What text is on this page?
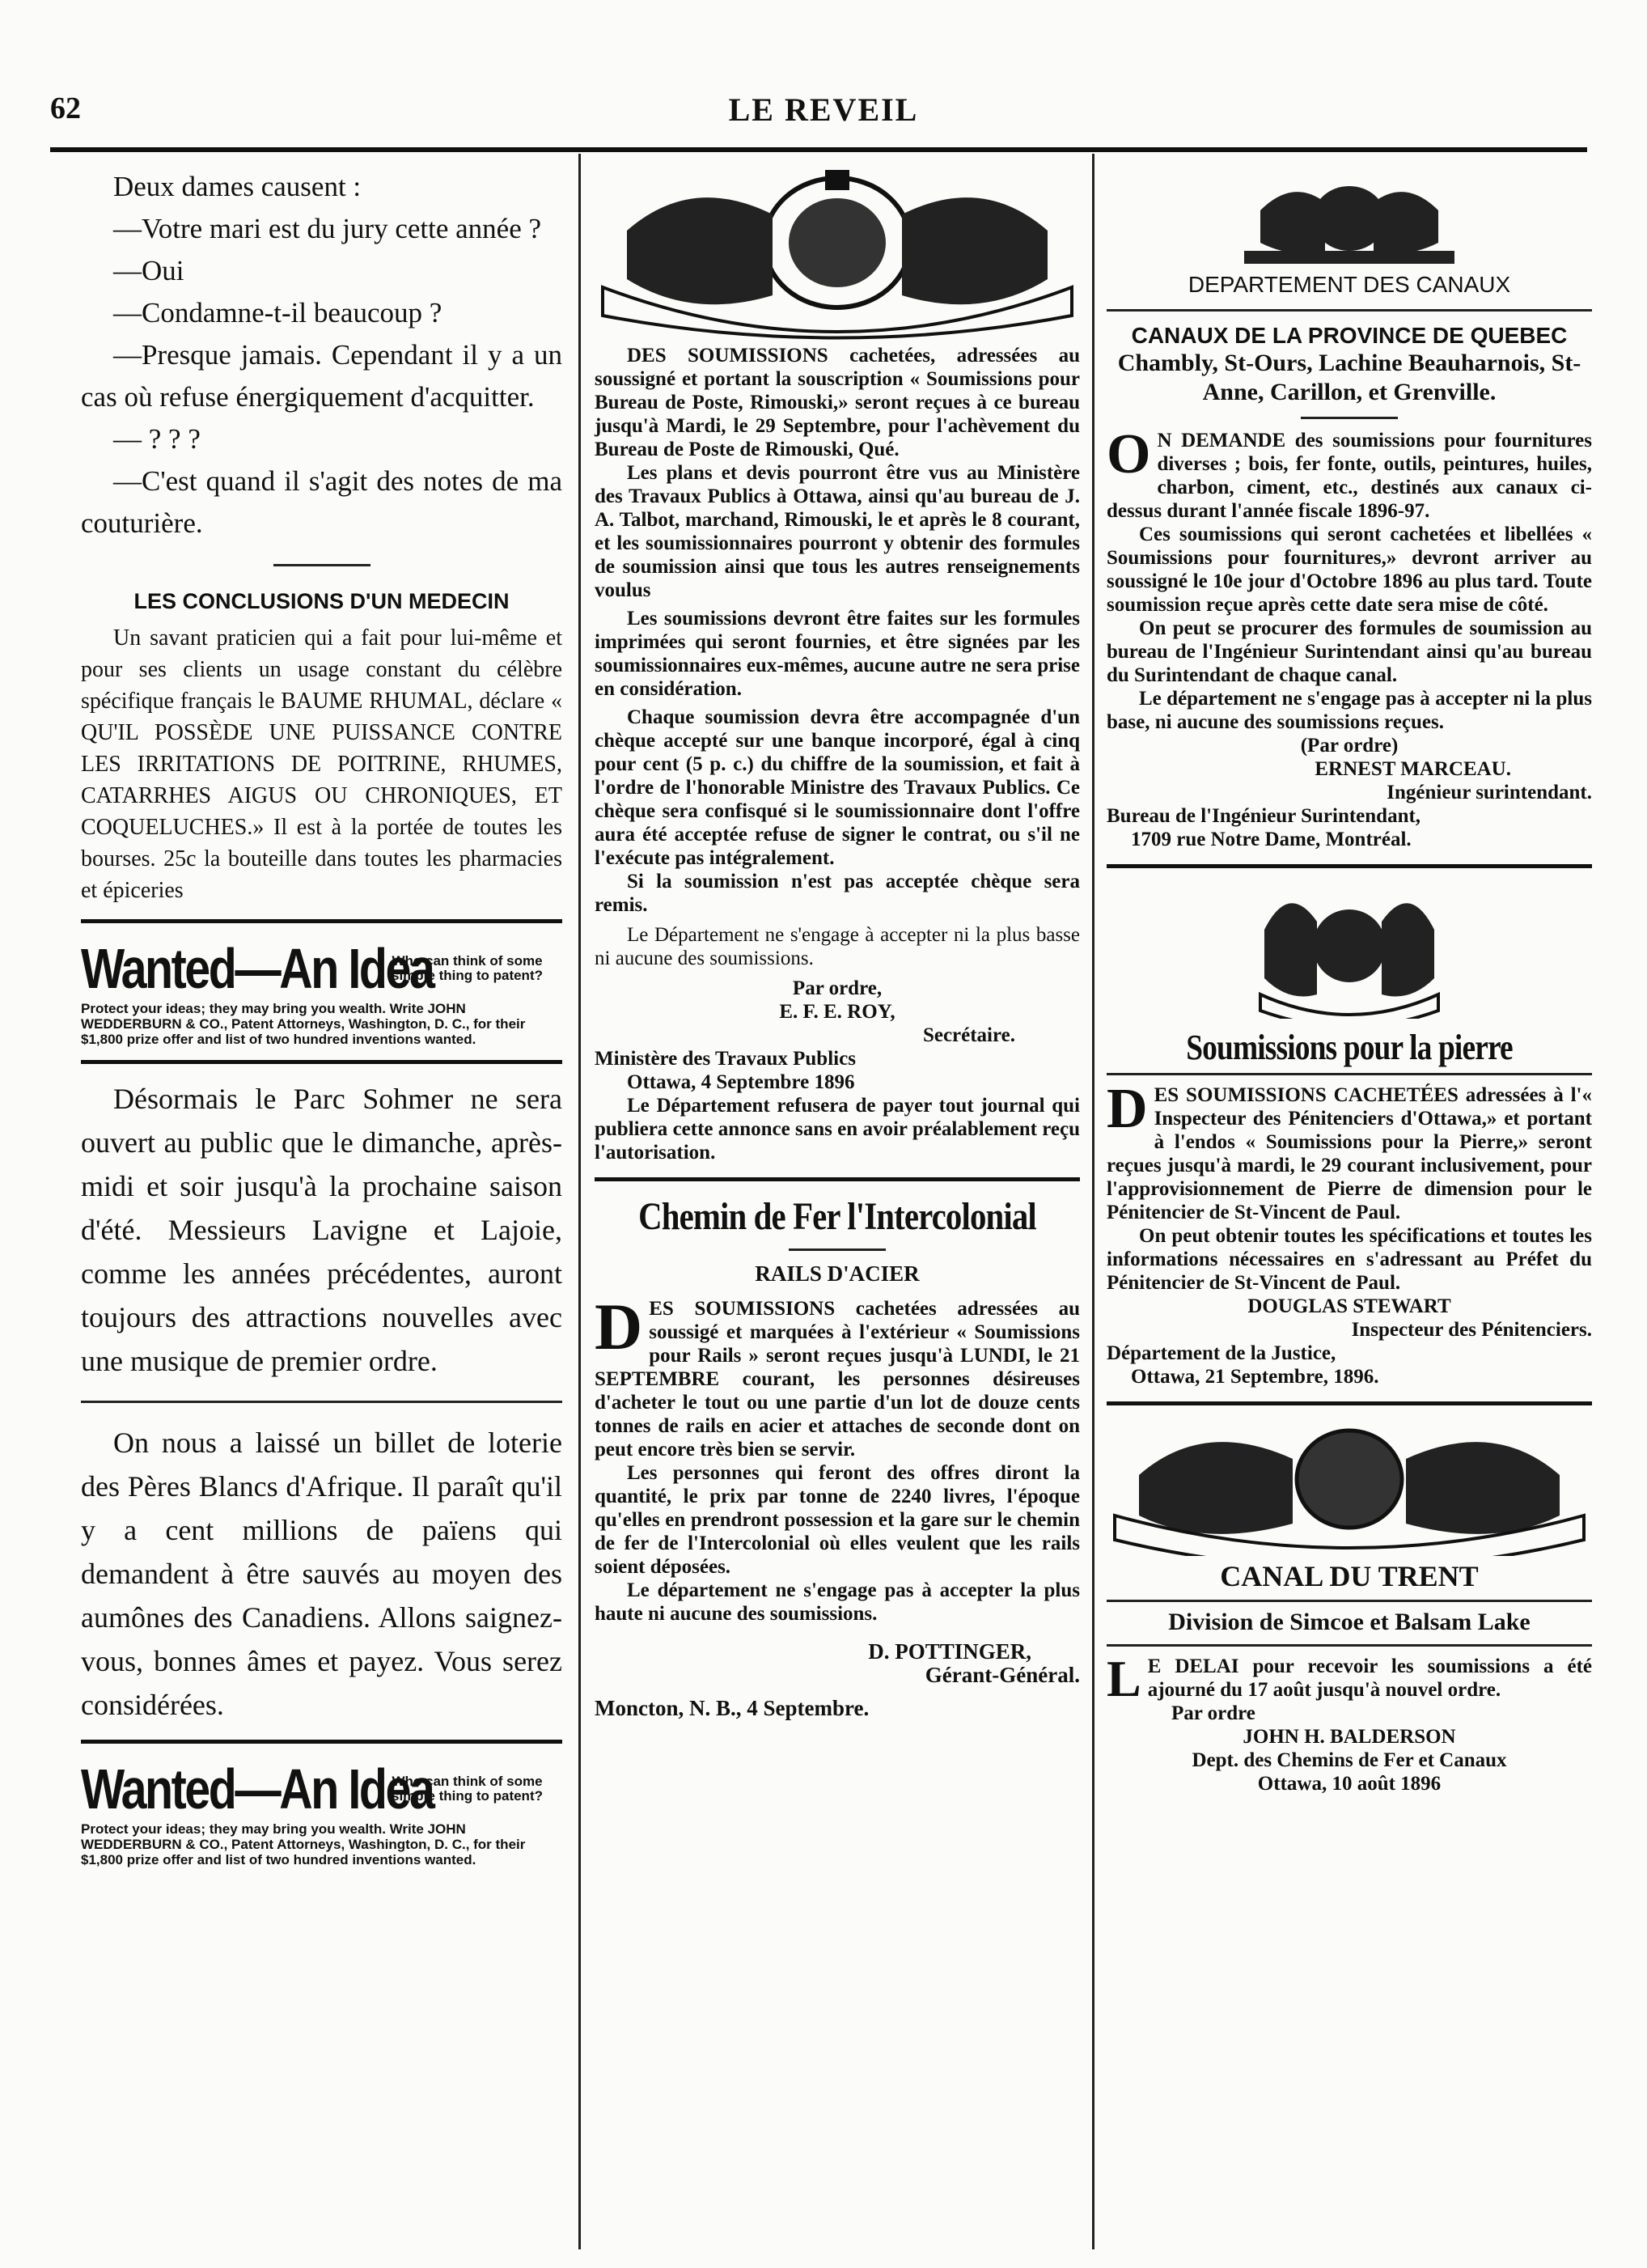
LE REVEIL
62

Deux dames causent :

—Votre mari est du jury cette année ?

—Oui

—Condamne-t-il beaucoup ?

—Presque jamais. Cependant il y a un cas où refuse énergiquement d'acquitter.

— ? ? ?

—C'est quand il s'agit des notes de ma couturière.

LES CONCLUSIONS D'UN MEDECIN

Un savant praticien qui a fait pour lui-même et pour ses clients un usage constant du célèbre spécifique français le BAUME RHUMAL, déclare « QU'IL POSSÈDE UNE PUISSANCE CONTRE LES IRRITATIONS DE POITRINE, RHUMES, CATARRHES AIGUS OU CHRONIQUES, ET COQUELUCHES.» Il est à la portée de toutes les bourses. 25c la bouteille dans toutes les pharmacies et épiceries

Wanted—An Idea
Who can think of some simple thing to patent?

Protect your ideas; they may bring you wealth. Write JOHN WEDDERBURN & CO., Patent Attorneys, Washington, D. C., for their $1,800 prize offer and list of two hundred inventions wanted.

Désormais le Parc Sohmer ne sera ouvert au public que le dimanche, après-midi et soir jusqu'à la prochaine saison d'été. Messieurs Lavigne et Lajoie, comme les années précédentes, auront toujours des attractions nouvelles avec une musique de premier ordre.

On nous a laissé un billet de loterie des Pères Blancs d'Afrique. Il paraît qu'il y a cent millions de païens qui demandent à être sauvés au moyen des aumônes des Canadiens. Allons saignez-vous, bonnes âmes et payez. Vous serez considérées.

Wanted—An Idea
Who can think of some simple thing to patent?

Protect your ideas; they may bring you wealth. Write JOHN WEDDERBURN & CO., Patent Attorneys, Washington, D. C., for their $1,800 prize offer and list of two hundred inventions wanted.

DES SOUMISSIONS cachetées, adressées au soussigné et portant la souscription « Soumissions pour Bureau de Poste, Rimouski,» seront reçues à ce bureau jusqu'à Mardi, le 29 Septembre, pour l'achèvement du Bureau de Poste de Rimouski, Qué.

Les plans et devis pourront être vus au Ministère des Travaux Publics à Ottawa, ainsi qu'au bureau de J. A. Talbot, marchand, Rimouski, le et après le 8 courant, et les soumissionnaires pourront y obtenir des formules de soumission ainsi que tous les autres renseignements voulus

Les soumissions devront être faites sur les formules imprimées qui seront fournies, et être signées par les soumissionnaires eux-mêmes, aucune autre ne sera prise en considération.

Chaque soumission devra être accompagnée d'un chèque accepté sur une banque incorporé, égal à cinq pour cent (5 p. c.) du chiffre de la soumission, et fait à l'ordre de l'honorable Ministre des Travaux Publics. Ce chèque sera confisqué si le soumissionnaire dont l'offre aura été acceptée refuse de signer le contrat, ou s'il ne l'exécute pas intégralement.

Si la soumission n'est pas acceptée chèque sera remis.

Le Département ne s'engage à accepter ni la plus basse ni aucune des soumissions.

Par ordre,

E. F. E. ROY,

Secrétaire.

Ministère des Travaux Publics

Ottawa, 4 Septembre 1896

Le Département refusera de payer tout journal qui publiera cette annonce sans en avoir préalablement reçu l'autorisation.

Chemin de Fer l'Intercolonial

RAILS D'ACIER

DES SOUMISSIONS cachetées adressées au soussigé et marquées à l'extérieur « Soumissions pour Rails » seront reçues jusqu'à LUNDI, le 21 SEPTEMBRE courant, les personnes désireuses d'acheter le tout ou une partie d'un lot de douze cents tonnes de rails en acier et attaches de seconde dont on peut encore très bien se servir.

Les personnes qui feront des offres diront la quantité, le prix par tonne de 2240 livres, l'époque qu'elles en prendront possession et la gare sur le chemin de fer de l'Intercolonial où elles veulent que les rails soient déposées.

Le département ne s'engage pas à accepter la plus haute ni aucune des soumissions.

D. POTTINGER,

Gérant-Général.

Moncton, N. B., 4 Septembre.

DEPARTEMENT DES CANAUX

CANAUX DE LA PROVINCE DE QUEBEC

Chambly, St-Ours, Lachine Beauharnois, St-Anne, Carillon, et Grenville.

O N DEMANDE des soumissions pour fournitures diverses ; bois, fer fonte, outils, peintures, huiles, charbon, ciment, etc., destinés aux canaux ci-dessus durant l'année fiscale 1896-97.

Ces soumissions qui seront cachetées et libellées « Soumissions pour fournitures,» devront arriver au soussigné le 10e jour d'Octobre 1896 au plus tard. Toute soumission reçue après cette date sera mise de côté.

On peut se procurer des formules de soumission au bureau de l'Ingénieur Surintendant ainsi qu'au bureau du Surintendant de chaque canal.

Le département ne s'engage pas à accepter ni la plus base, ni aucune des soumissions reçues.

(Par ordre)

ERNEST MARCEAU.

Ingénieur surintendant.

Bureau de l'Ingénieur Surintendant,

1709 rue Notre Dame, Montréal.

Soumissions pour la pierre

DES SOUMISSIONS CACHETÉES adressées à l'« Inspecteur des Pénitenciers d'Ottawa,» et portant à l'endos « Soumissions pour la Pierre,» seront reçues jusqu'à mardi, le 29 courant inclusivement, pour l'approvisionnement de Pierre de dimension pour le Pénitencier de St-Vincent de Paul.

On peut obtenir toutes les spécifications et toutes les informations nécessaires en s'adressant au Préfet du Pénitencier de St-Vincent de Paul.

DOUGLAS STEWART

Inspecteur des Pénitenciers.

Département de la Justice,

Ottawa, 21 Septembre, 1896.

CANAL DU TRENT

Division de Simcoe et Balsam Lake

L E DELAI pour recevoir les soumissions a été ajourné du 17 août jusqu'à nouvel ordre.

Par ordre

JOHN H. BALDERSON

Dept. des Chemins de Fer et Canaux

Ottawa, 10 août 1896
